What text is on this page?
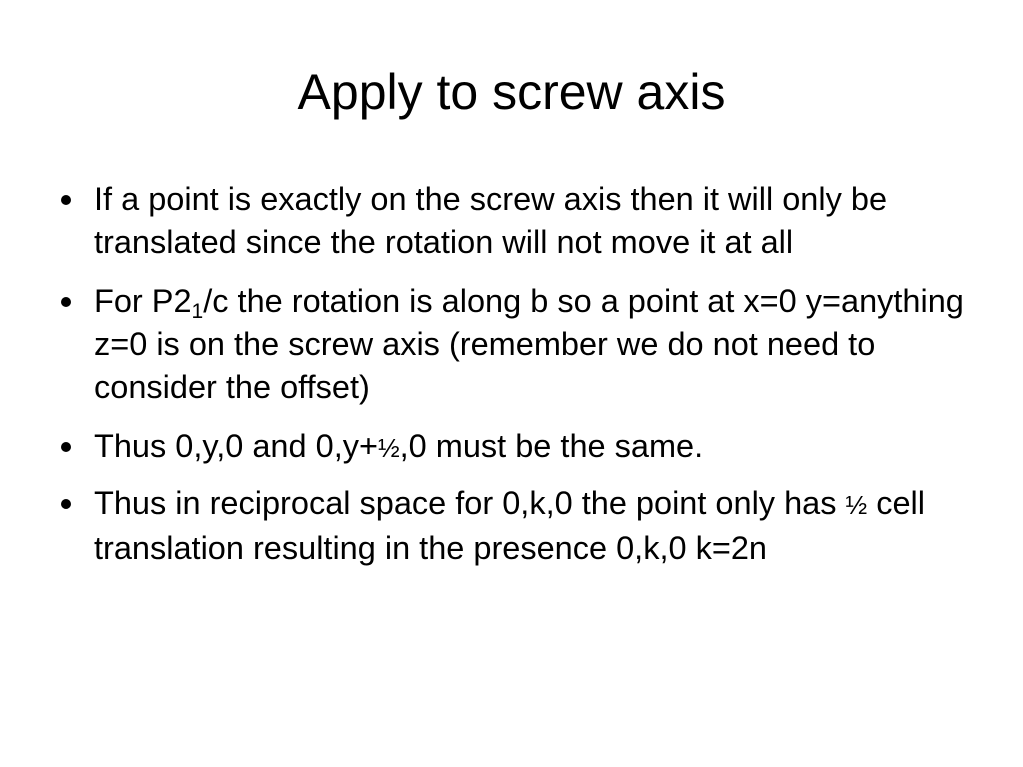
Apply to screw axis
If a point is exactly on the screw axis then it will only be translated since the rotation will not move it at all
For $P2_1/c$ the rotation is along b so a point at x=0 y=anything z=0 is on the screw axis (remember we do not need to consider the offset)
Thus 0,y,0 and 0,y+½,0 must be the same.
Thus in reciprocal space for 0,k,0 the point only has ½ cell translation resulting in the presence 0,k,0 k=2n
